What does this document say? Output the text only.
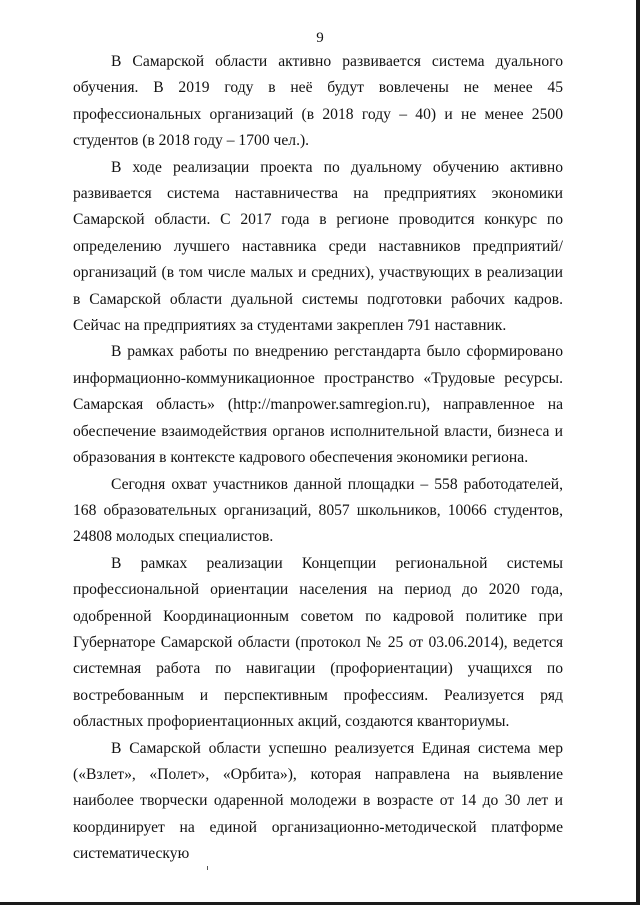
9

В Самарской области активно развивается система дуального обучения. В 2019 году в неё будут вовлечены не менее 45 профессиональных организаций (в 2018 году – 40) и не менее 2500 студентов (в 2018 году – 1700 чел.).

В ходе реализации проекта по дуальному обучению активно развивается система наставничества на предприятиях экономики Самарской области. С 2017 года в регионе проводится конкурс по определению лучшего наставника среди наставников предприятий/организаций (в том числе малых и средних), участвующих в реализации в Самарской области дуальной системы подготовки рабочих кадров. Сейчас на предприятиях за студентами закреплен 791 наставник.

В рамках работы по внедрению регстандарта было сформировано информационно-коммуникационное пространство «Трудовые ресурсы. Самарская область» (http://manpower.samregion.ru), направленное на обеспечение взаимодействия органов исполнительной власти, бизнеса и образования в контексте кадрового обеспечения экономики региона.

Сегодня охват участников данной площадки – 558 работодателей, 168 образовательных организаций, 8057 школьников, 10066 студентов, 24808 молодых специалистов.

В рамках реализации Концепции региональной системы профессиональной ориентации населения на период до 2020 года, одобренной Координационным советом по кадровой политике при Губернаторе Самарской области (протокол № 25 от 03.06.2014), ведется системная работа по навигации (профориентации) учащихся по востребованным и перспективным профессиям. Реализуется ряд областных профориентационных акций, создаются кванториумы.

В Самарской области успешно реализуется Единая система мер («Взлет», «Полет», «Орбита»), которая направлена на выявление наиболее творчески одаренной молодежи в возрасте от 14 до 30 лет и координирует на единой организационно-методической платформе систематическую
